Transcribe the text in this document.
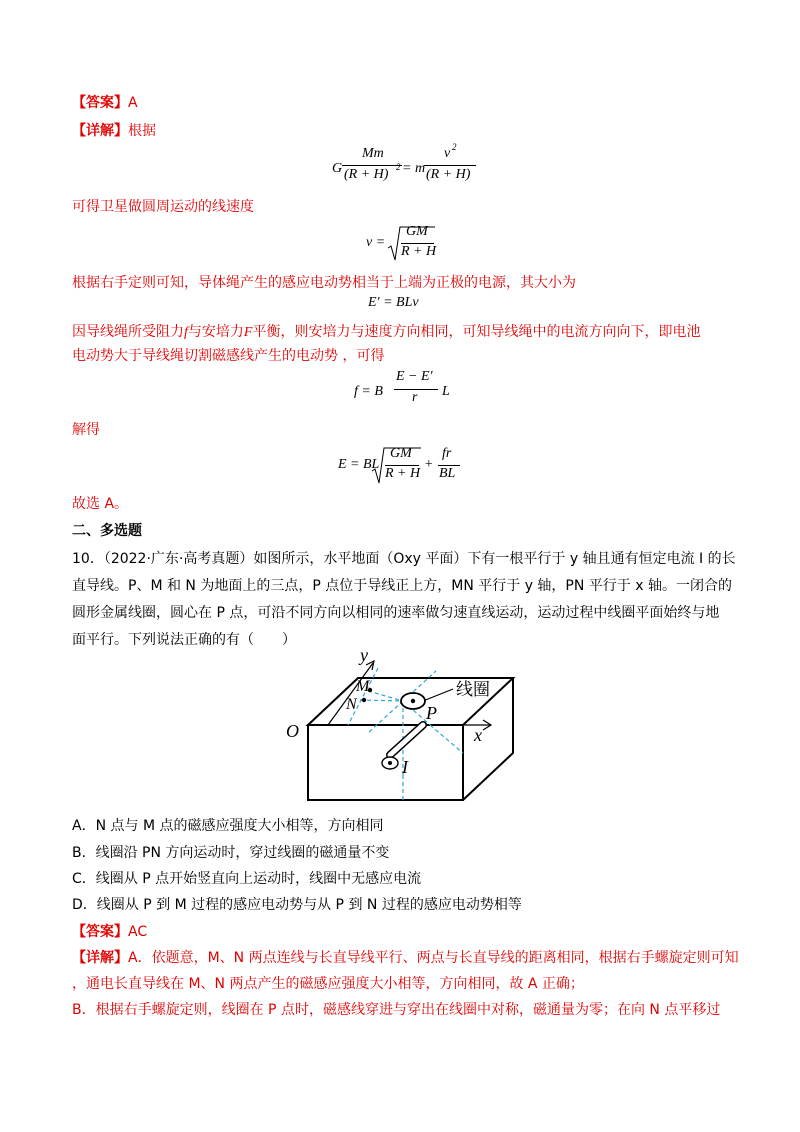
【答案】A
【详解】根据
G
Mm
(R + H) 2 = m
v 2
(R + H)
可得卫星做圆周运动的线速度
v =
GM
R + H
根据右手定则可知，导体绳产生的感应电动势相当于上端为正极的电源，其大小为
E′ = BLv
因导线绳所受阻力f与安培力F平衡，则安培力与速度方向相同，可知导线绳中的电流方向向下，即电池
电动势大于导线绳切割磁感线产生的电动势 ，可得
f = B
E − E′
r L
解得
E = BL
GM
R + H
+
fr
BL
故选 A。
二、多选题
10．（2022·广东·高考真题）如图所示，水平地面（Oxy 平面）下有一根平行于 y 轴且通有恒定电流 I 的长
直导线。P、M 和 N 为地面上的三点，P 点位于导线正上方，MN 平行于 y 轴，PN 平行于 x 轴。一闭合的
圆形金属线圈，圆心在 P 点，可沿不同方向以相同的速率做匀速直线运动，运动过程中线圈平面始终与地
面平行。下列说法正确的有（　　）
y
x
O
M
N	P
I
线圈
A．N 点与 M 点的磁感应强度大小相等，方向相同
B．线圈沿 PN 方向运动时，穿过线圈的磁通量不变
C．线圈从 P 点开始竖直向上运动时，线圈中无感应电流
D．线圈从 P 到 M 过程的感应电动势与从 P 到 N 过程的感应电动势相等
【答案】AC
【详解】A．依题意，M、N 两点连线与长直导线平行、两点与长直导线的距离相同，根据右手螺旋定则可知
，通电长直导线在 M、N 两点产生的磁感应强度大小相等，方向相同，故 A 正确；
B．根据右手螺旋定则，线圈在 P 点时，磁感线穿进与穿出在线圈中对称，磁通量为零；在向 N 点平移过
